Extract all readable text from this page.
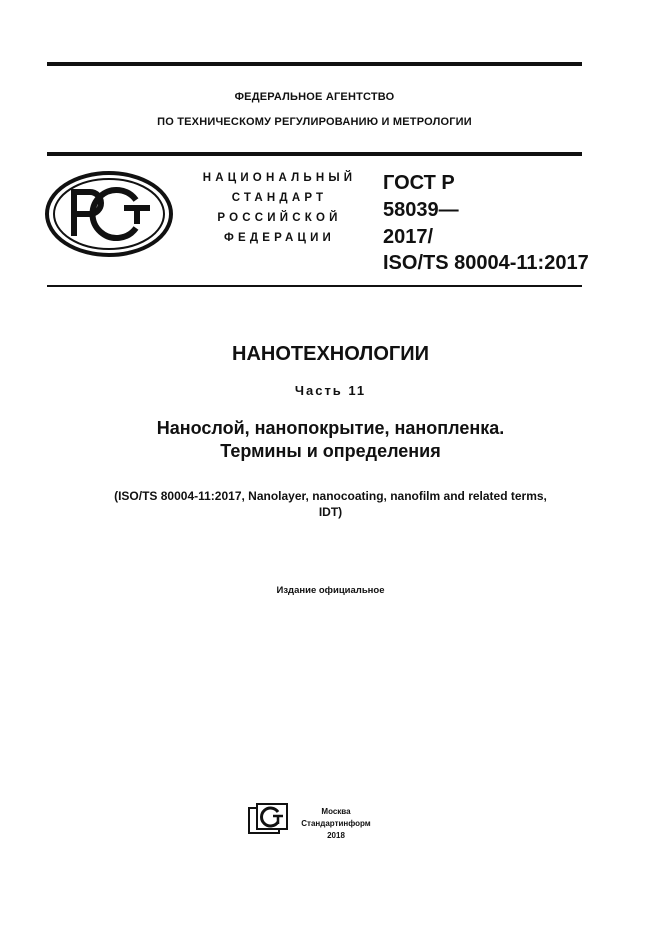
ФЕДЕРАЛЬНОЕ АГЕНТСТВО
ПО ТЕХНИЧЕСКОМУ РЕГУЛИРОВАНИЮ И МЕТРОЛОГИИ
НАЦИОНАЛЬНЫЙ
СТАНДАРТ
РОССИЙСКОЙ
ФЕДЕРАЦИИ
ГОСТ Р
58039—
2017/
ISO/TS 80004-11:2017
НАНОТЕХНОЛОГИИ
Часть 11
Нанослой, нанопокрытие, нанопленка.
Термины и определения
(ISO/TS 80004-11:2017, Nanolayer, nanocoating, nanofilm and related terms,
IDT)
Издание официальное
Москва
Стандартинформ
2018
